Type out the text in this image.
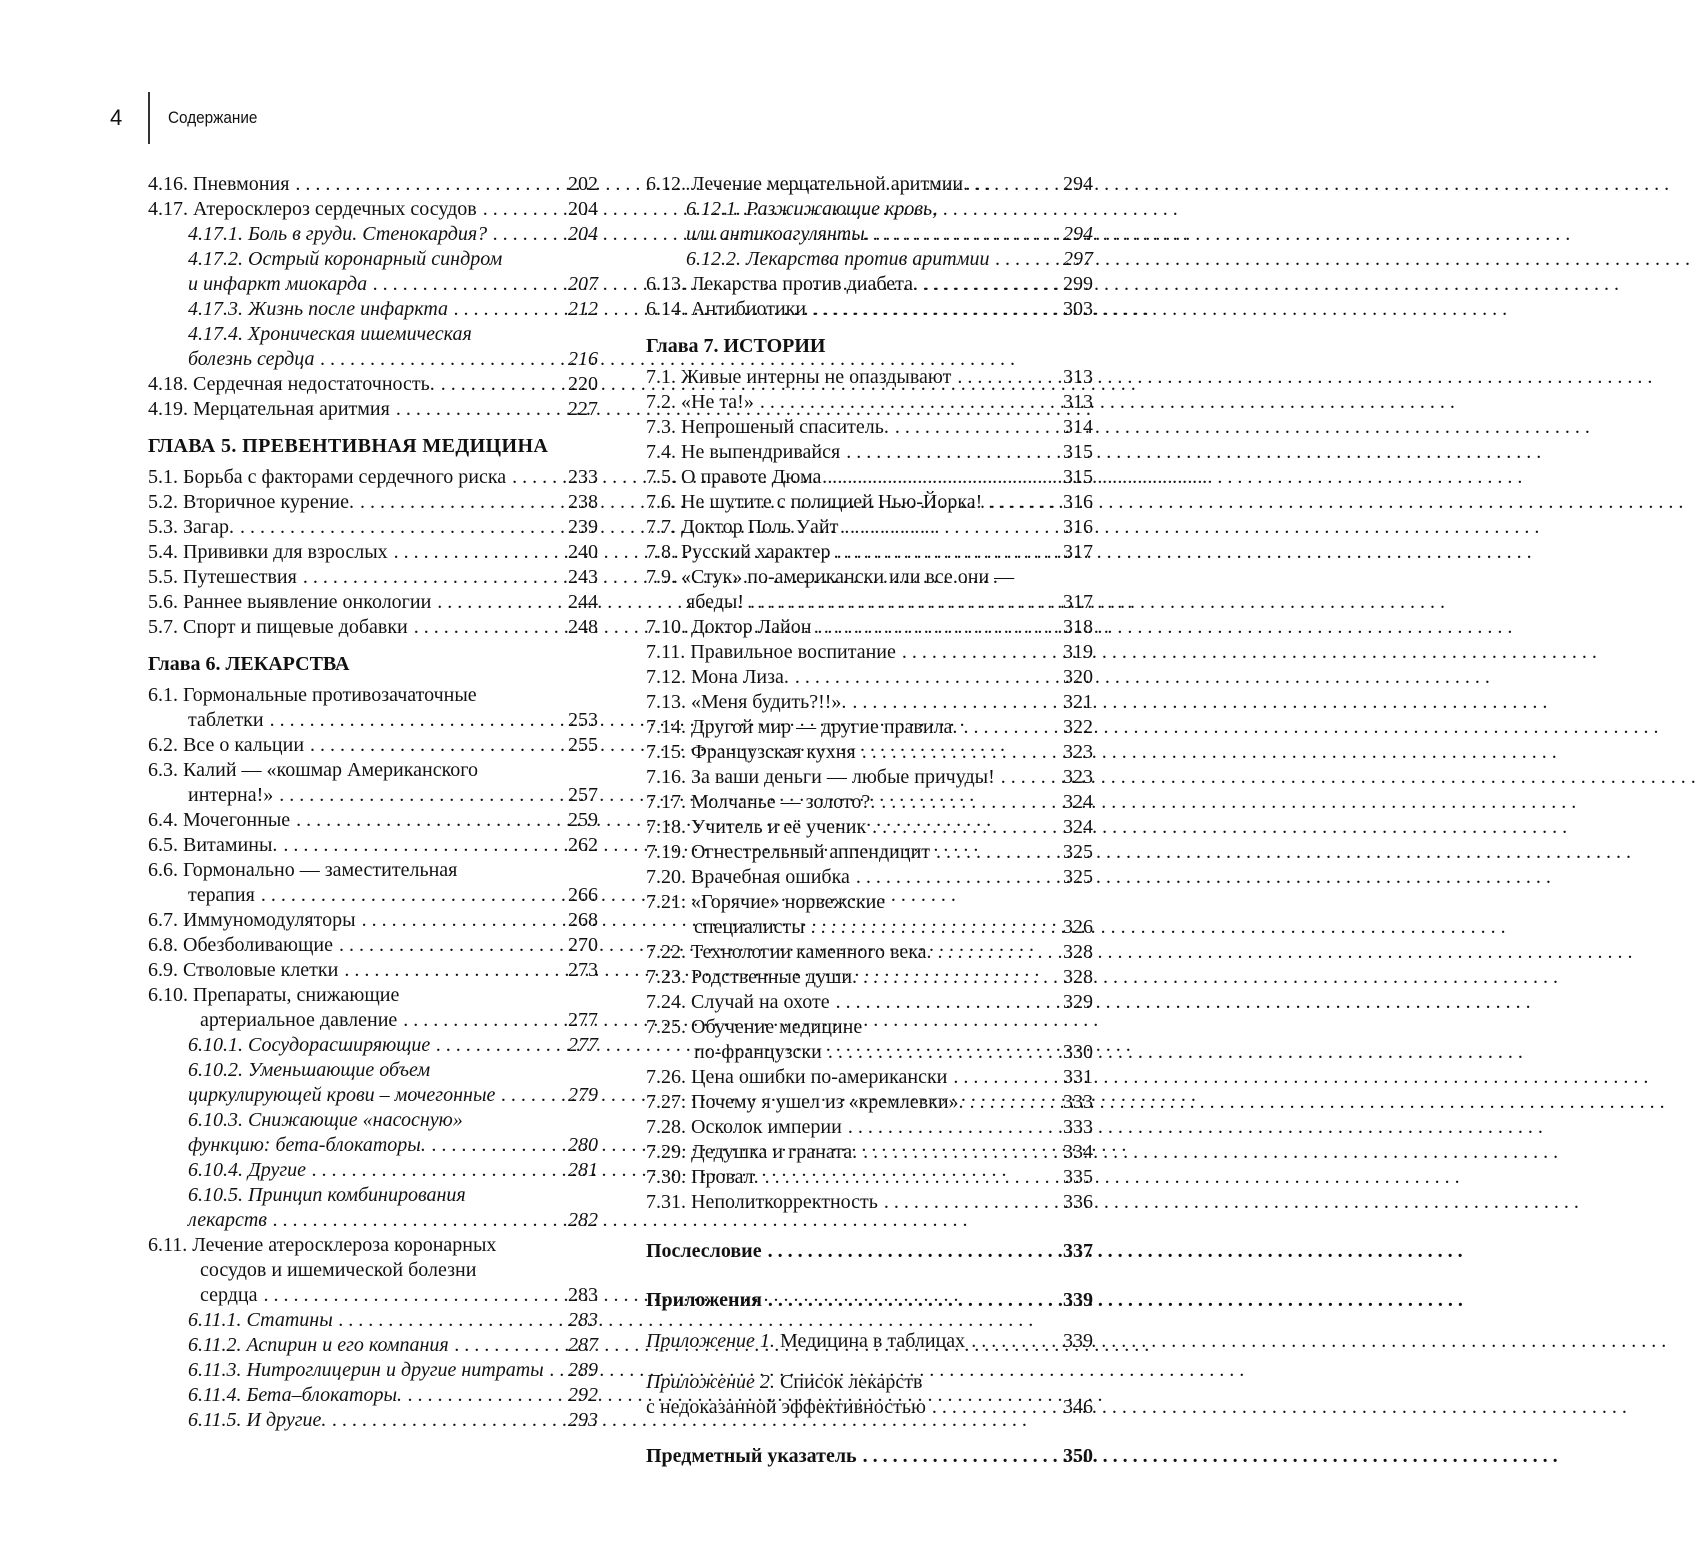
4	Содержание
4.16. Пневмония . . .	202
4.17. Атеросклероз сердечных сосудов . . .	204
4.17.1. Боль в груди. Стенокардия? . . .	204
4.17.2. Острый коронарный синдром
и инфаркт миокарда . . .	207
4.17.3. Жизнь после инфаркта . . .	212
4.17.4. Хроническая ишемическая
болезнь сердца . . .	216
4.18. Сердечная недостаточность. . . .	220
4.19. Мерцательная аритмия . . .	227
ГЛАВА 5. ПРЕВЕНТИВНАЯ МЕДИЦИНА
5.1. Борьба с факторами сердечного риска . . .	233
5.2. Вторичное курение. . . .	238
5.3. Загар. . . .	239
5.4. Прививки для взрослых . . .	240
5.5. Путешествия . . .	243
5.6. Раннее выявление онкологии . . .	244
5.7. Спорт и пищевые добавки . . .	248
Глава 6. ЛЕКАРСТВА
6.1. Гормональные противозачаточные
таблетки . . .	253
6.2. Все о кальции . . .	255
6.3. Калий — «кошмар Американского
интерна!» . . .	257
6.4. Мочегонные . . .	259
6.5. Витамины. . . .	262
6.6. Гормонально — заместительная
терапия . . .	266
6.7. Иммуномодуляторы . . .	268
6.8. Обезболивающие . . .	270
6.9. Стволовые клетки . . .	273
6.10. Препараты, снижающие
артериальное давление . . .	277
6.10.1. Сосудорасширяющие . . .	277
6.10.2. Уменьшающие объем
циркулирующей крови – мочегонные . . .	279
6.10.3. Снижающие «насосную»
функцию: бета-блокаторы. . . .	280
6.10.4. Другие . . .	281
6.10.5. Принцип комбинирования
лекарств . . .	282
6.11. Лечение атеросклероза коронарных
сосудов и ишемической болезни
сердца . . .	283
6.11.1. Статины . . .	283
6.11.2. Аспирин и его компания . . .	287
6.11.3. Нитроглицерин и другие нитраты . . . 289
6.11.4. Бета–блокаторы. . . .	292
6.11.5. И другие. . . .	293
6.12. Лечение мерцательной аритмии. . . .	294
6.12.1. Разжижающие кровь,
или антикоагулянты. . . .	294
6.12.2. Лекарства против аритмии . . .	297
6.13. Лекарства против диабета. . . .	299
6.14. Антибиотики . . .	303
Глава 7. ИСТОРИИ
7.1. Живые интерны не опаздывают . . .	313
7.2. «Не та!» . . .	313
7.3. Непрошеный спаситель. . . .	314
7.4. Не выпендривайся . . .	315
7.5. О правоте Дюма . . .	315
7.6. Не шутите с полицией Нью-Йорка! . . .	316
7.7. Доктор Поль Уайт . . .	316
7.8. Русский характер . . .	317
7.9. «Стук» по-американски или все они —
ябеды! . . .	317
7.10. Доктор Лайон . . .	318
7.11. Правильное воспитание . . .	319
7.12. Мона Лиза. . . .	320
7.13. «Меня будить?!!». . . .	321
7.14. Другой мир — другие правила. . . .	322
7.15. Французская кухня . . .	323
7.16. За ваши деньги — любые причуды! . . .	323
7.17. Молчанье — золото?. . . .	324
7.18. Учитель и её ученик . . .	324
7.19. Огнестрельный аппендицит . . .	325
7.20. Врачебная ошибка . . .	325
7.21. «Горячие» норвежские
специалисты . . .	326
7.22. Технологии каменного века. . . .	328
7.23. Родственные души. . . .	328
7.24. Случай на охоте . . .	329
7.25. Обучение медицине
по-французски . . .	330
7.26. Цена ошибки по-американски . . .	331
7.27. Почему я ушел из «кремлевки». . . .	333
7.28. Осколок империи . . .	333
7.29. Дедушка и граната. . . .	334
7.30. Провал. . . .	335
7.31. Неполиткорректность . . .	336
Послесловие . . .	337
Приложения . . .	339
Приложение 1. Медицина в таблицах . . .	339
Приложение 2. Список лекарств
с недоказанной эффективностью . . .	346
Предметный указатель . . .	350
